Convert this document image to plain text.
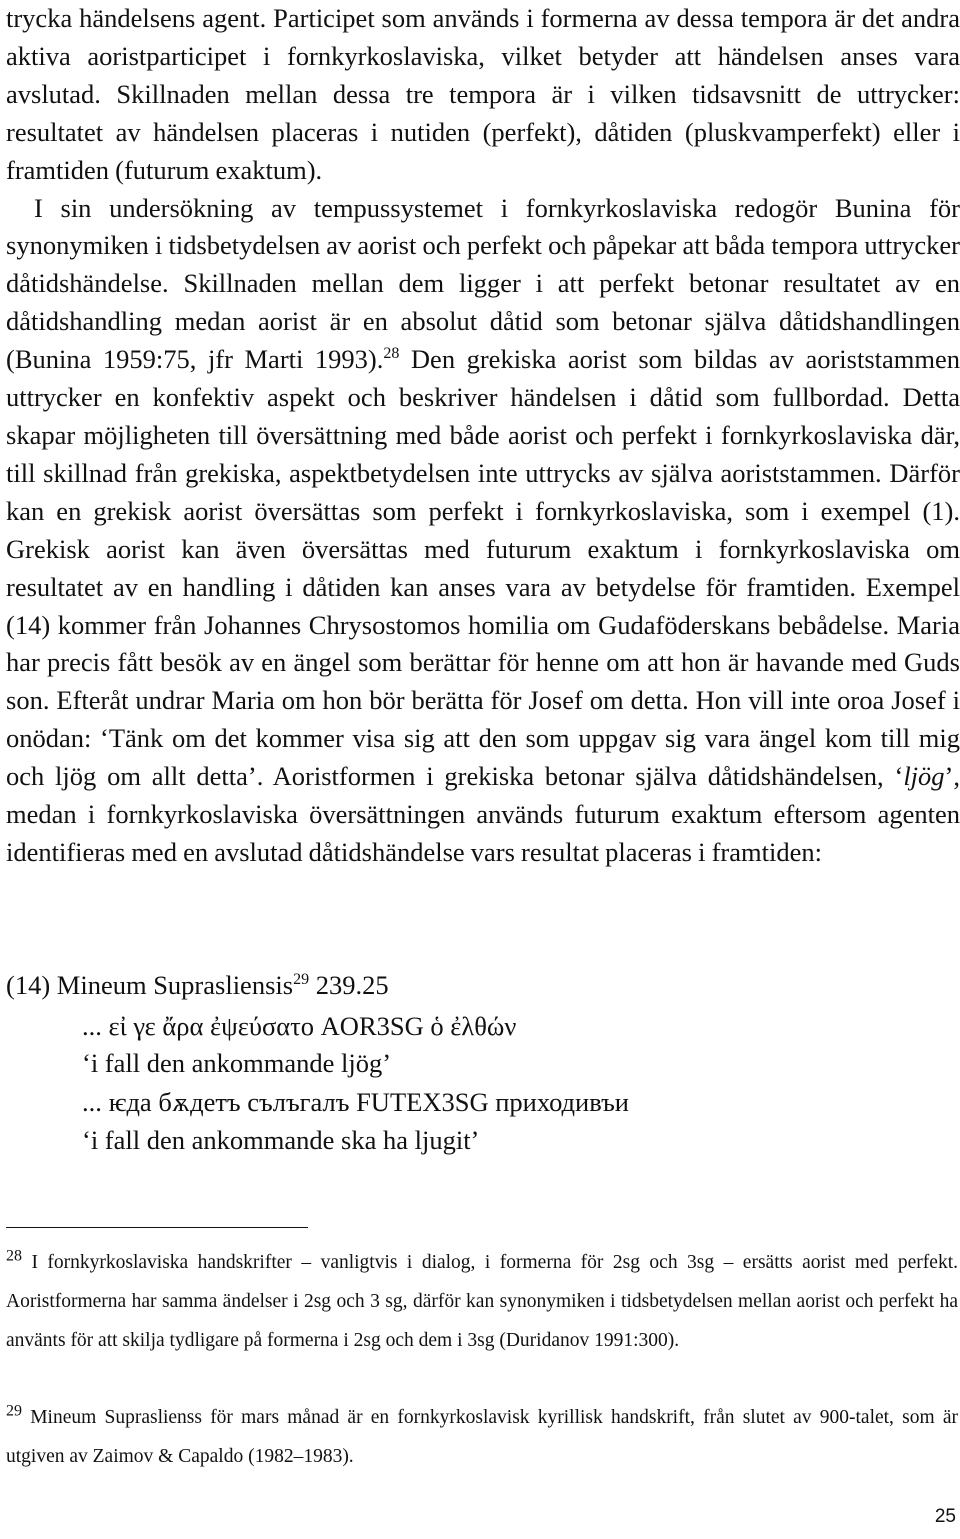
trycka händelsens agent. Participet som används i formerna av dessa tempora är det andra aktiva aoristparticipet i fornkyrkoslaviska, vilket betyder att händelsen anses vara avslutad. Skillnaden mellan dessa tre tempora är i vilken tidsavsnitt de uttrycker: resultatet av händelsen placeras i nutiden (perfekt), dåtiden (pluskvamperfekt) eller i framtiden (futurum exaktum).

I sin undersökning av tempussystemet i fornkyrkoslaviska redogör Bunina för synonymiken i tidsbetydelsen av aorist och perfekt och påpekar att båda tempora uttrycker dåtidshändelse. Skillnaden mellan dem ligger i att perfekt betonar resultatet av en dåtidshandling medan aorist är en absolut dåtid som betonar själva dåtidshandlingen (Bunina 1959:75, jfr Marti 1993).$^{28}$ Den grekiska aorist som bildas av aoriststammen uttrycker en konfektiv aspekt och beskriver händelsen i dåtid som fullbordad. Detta skapar möjligheten till översättning med både aorist och perfekt i fornkyrkoslaviska där, till skillnad från grekiska, aspektbetydelsen inte uttrycks av själva aoriststammen. Därför kan en grekisk aorist översättas som perfekt i fornkyrkoslaviska, som i exempel (1). Grekisk aorist kan även översättas med futurum exaktum i fornkyrkoslaviska om resultatet av en handling i dåtiden kan anses vara av betydelse för framtiden. Exempel (14) kommer från Johannes Chrysostomos homilia om Gudaföderskans bebådelse. Maria har precis fått besök av en ängel som berättar för henne om att hon är havande med Guds son. Efteråt undrar Maria om hon bör berätta för Josef om detta. Hon vill inte oroa Josef i onödan: ‘Tänk om det kommer visa sig att den som uppgav sig vara ängel kom till mig och ljög om allt detta’. Aoristformen i grekiska betonar själva dåtidshändelsen, ‘ljög’, medan i fornkyrkoslaviska översättningen används futurum exaktum eftersom agenten identifieras med en avslutad dåtidshändelse vars resultat placeras i framtiden:

(14) Mineum Suprasliensis$^{29}$ 239.25
... εἰ γε ἄρα ἐψεύσατο AOR3SG ὁ ἐλθών
‘i fall den ankommande ljög’
... ѥда бѫдетъ сълъгалъ FUTEX3SG приходивъи
‘i fall den ankommande ska ha ljugit’

$^{28}$ I fornkyrkoslaviska handskrifter – vanligtvis i dialog, i formerna för 2sg och 3sg – ersätts aorist med perfekt. Aoristformerna har samma ändelser i 2sg och 3 sg, därför kan synonymiken i tidsbetydelsen mellan aorist och perfekt ha använts för att skilja tydligare på formerna i 2sg och dem i 3sg (Duridanov 1991:300).

$^{29}$ Mineum Supraslienss för mars månad är en fornkyrkoslavisk kyrillisk handskrift, från slutet av 900-talet, som är utgiven av Zaimov & Capaldo (1982–1983).

25
